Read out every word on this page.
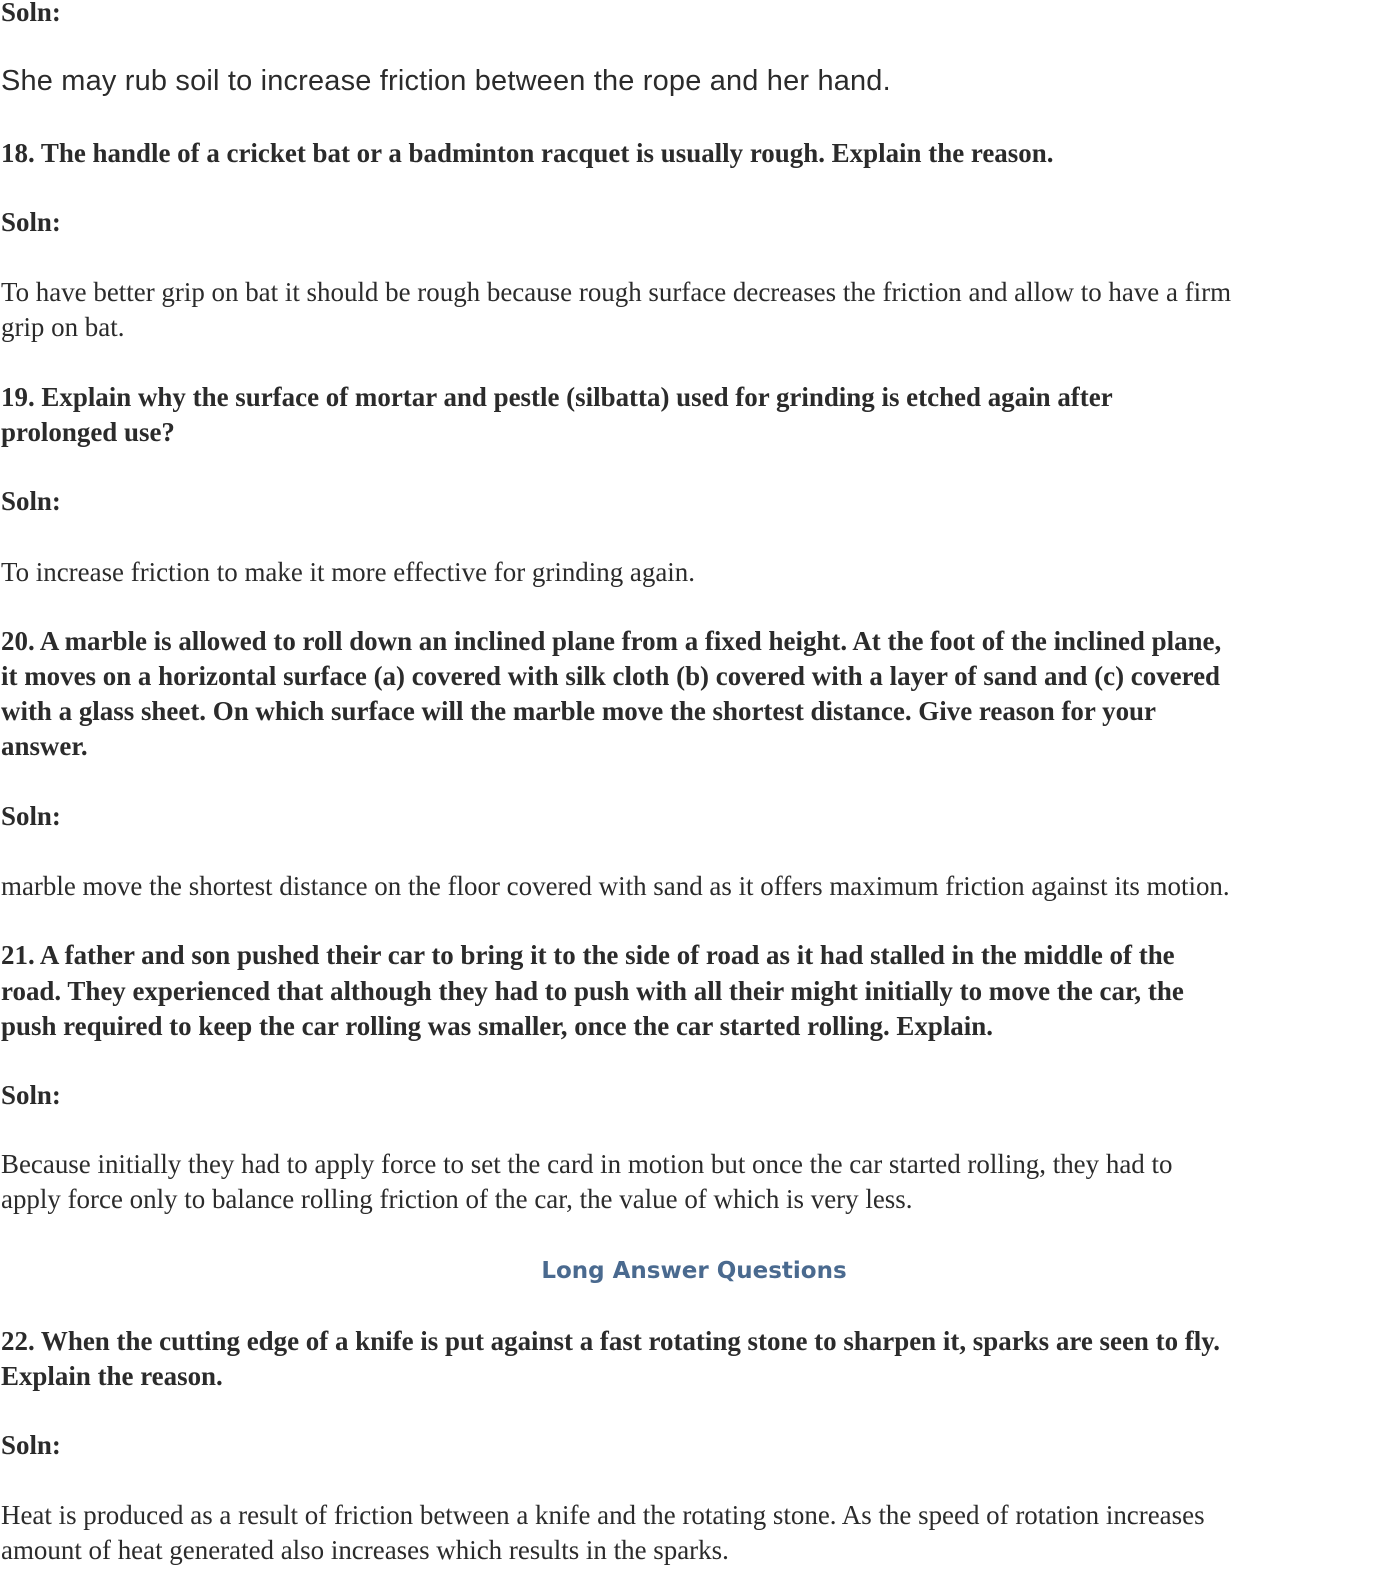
Soln:
She may rub soil to increase friction between the rope and her hand.
18. The handle of a cricket bat or a badminton racquet is usually rough. Explain the reason.
Soln:
To have better grip on bat it should be rough because rough surface decreases the friction and allow to have a firm
grip on bat.
19. Explain why the surface of mortar and pestle (silbatta) used for grinding is etched again after
prolonged use?
Soln:
To increase friction to make it more effective for grinding again.
20. A marble is allowed to roll down an inclined plane from a fixed height. At the foot of the inclined plane,
it moves on a horizontal surface (a) covered with silk cloth (b) covered with a layer of sand and (c) covered
with a glass sheet. On which surface will the marble move the shortest distance. Give reason for your
answer.
Soln:
marble move the shortest distance on the floor covered with sand as it offers maximum friction against its motion.
21. A father and son pushed their car to bring it to the side of road as it had stalled in the middle of the
road. They experienced that although they had to push with all their might initially to move the car, the
push required to keep the car rolling was smaller, once the car started rolling. Explain.
Soln:
Because initially they had to apply force to set the card in motion but once the car started rolling, they had to
apply force only to balance rolling friction of the car, the value of which is very less.
Long Answer Questions
22. When the cutting edge of a knife is put against a fast rotating stone to sharpen it, sparks are seen to fly.
Explain the reason.
Soln:
Heat is produced as a result of friction between a knife and the rotating stone. As the speed of rotation increases
amount of heat generated also increases which results in the sparks.
